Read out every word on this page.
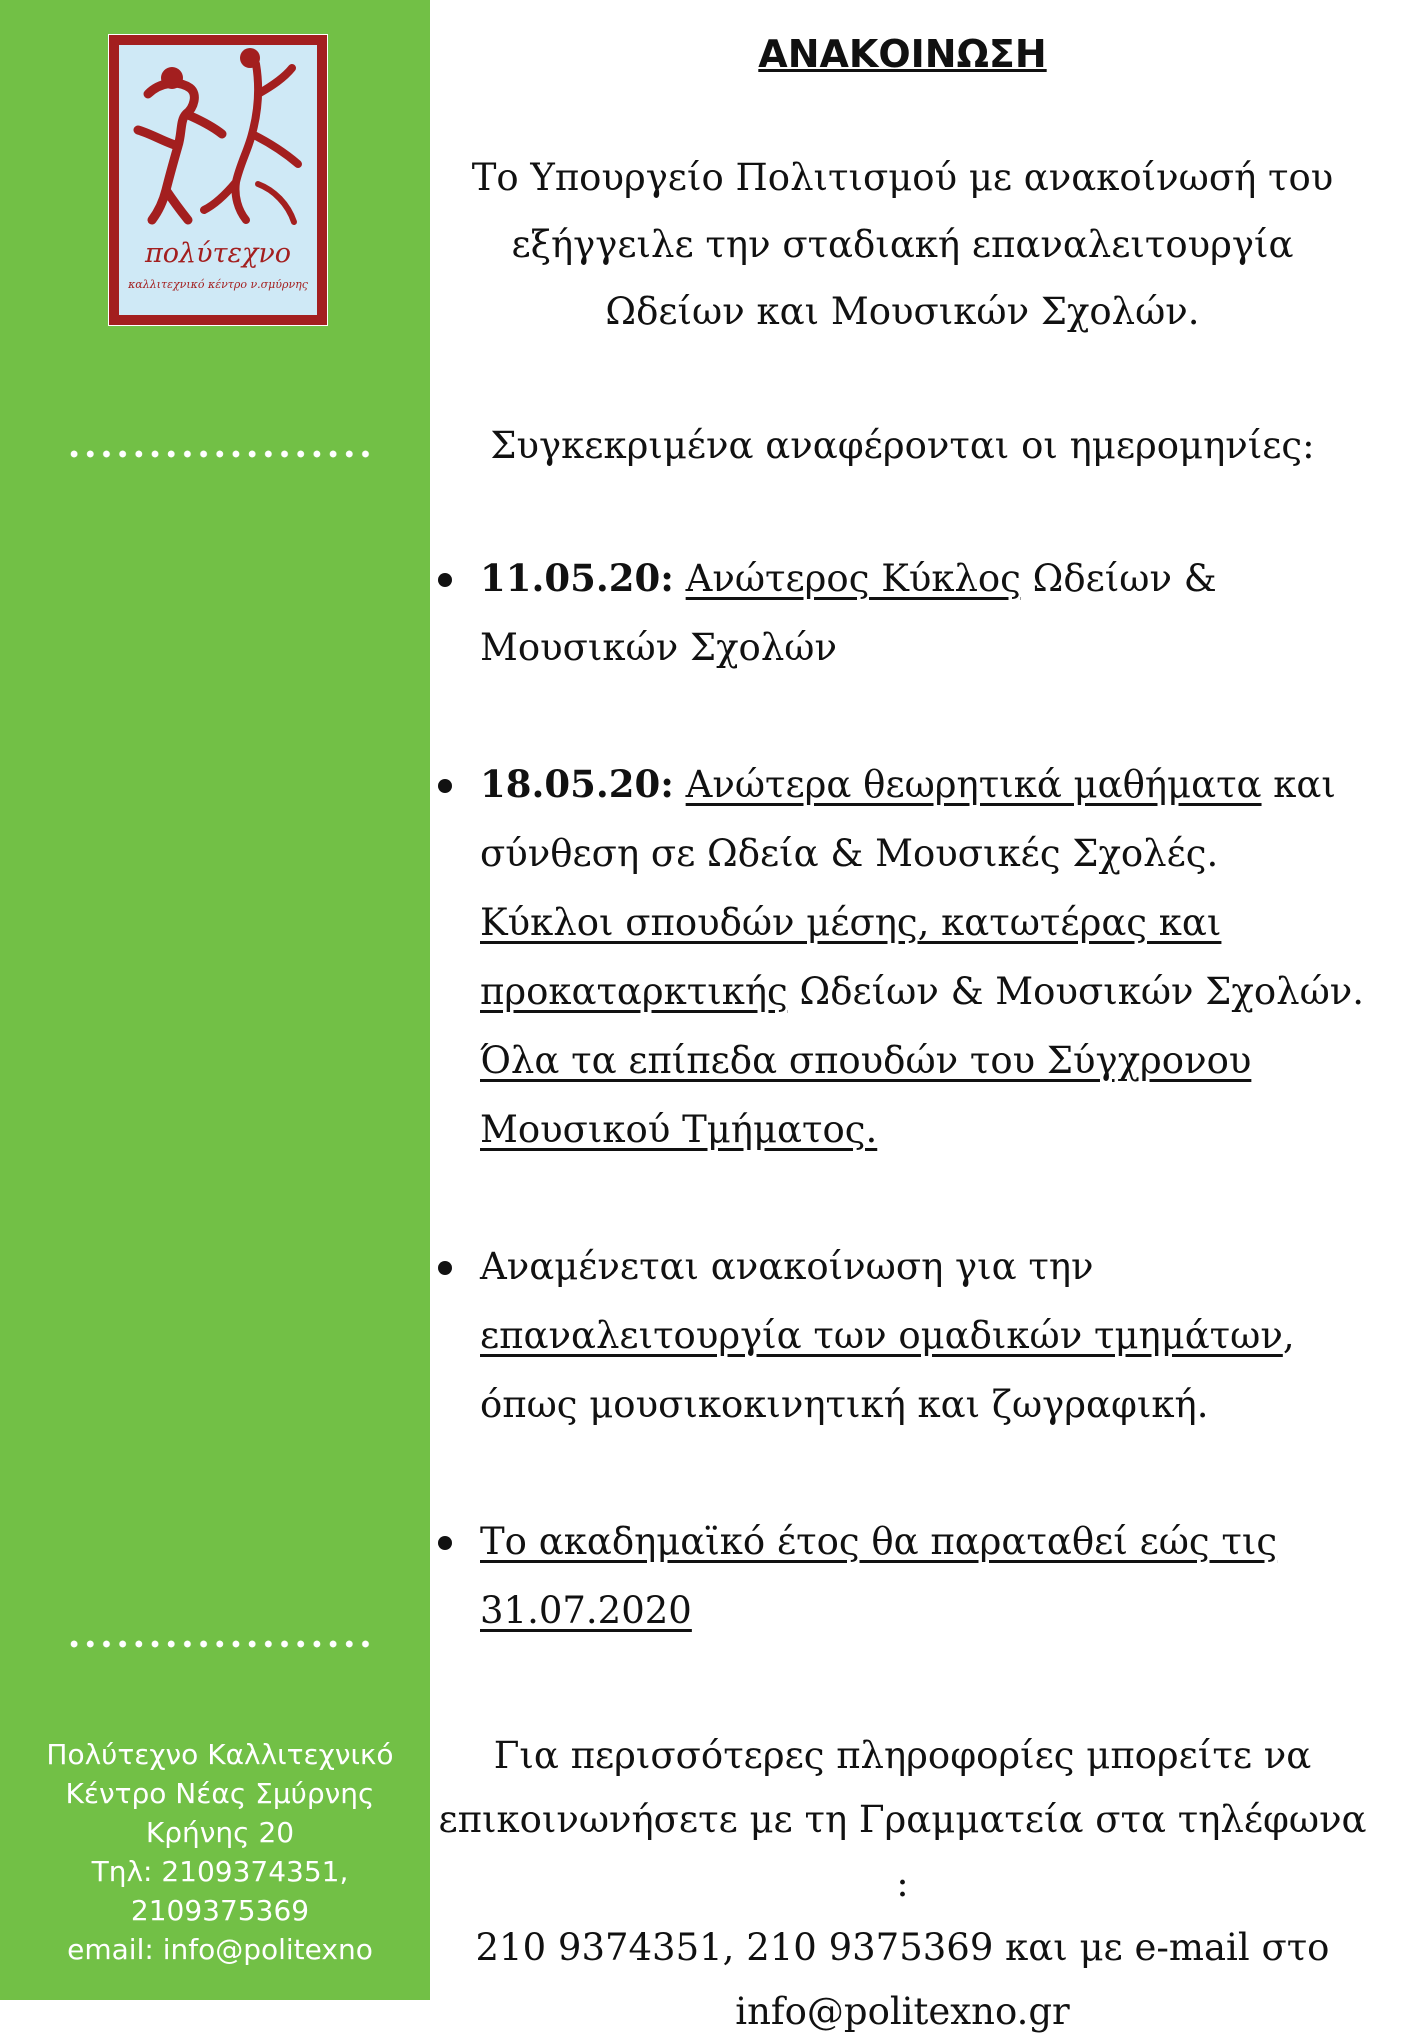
πολύτεχνο
καλλιτεχνικό κέντρο ν.σμύρνης
Πολύτεχνο Καλλιτεχνικό
Κέντρο Νέας Σμύρνης
Κρήνης 20
Τηλ: 2109374351,
2109375369
email: info@politexno
ΑΝΑΚΟΙΝΩΣΗ
Το Υπουργείο Πολιτισμού με ανακοίνωσή του
εξήγγειλε την σταδιακή επαναλειτουργία
Ωδείων και Μουσικών Σχολών.
Συγκεκριμένα αναφέρονται οι ημερομηνίες:
11.05.20: Ανώτερος Κύκλος Ωδείων &
Μουσικών Σχολών
18.05.20: Ανώτερα θεωρητικά μαθήματα και
σύνθεση σε Ωδεία & Μουσικές Σχολές.
Κύκλοι σπουδών μέσης, κατωτέρας και
προκαταρκτικής Ωδείων & Μουσικών Σχολών.
Όλα τα επίπεδα σπουδών του Σύγχρονου
Μουσικού Τμήματος.
Αναμένεται ανακοίνωση για την
επαναλειτουργία των ομαδικών τμημάτων,
όπως μουσικοκινητική και ζωγραφική.
Το ακαδημαϊκό έτος θα παραταθεί εώς τις
31.07.2020
Για περισσότερες πληροφορίες μπορείτε να
επικοινωνήσετε με τη Γραμματεία στα τηλέφωνα :
210 9374351, 210 9375369 και με e-mail στο
info@politexno.gr
